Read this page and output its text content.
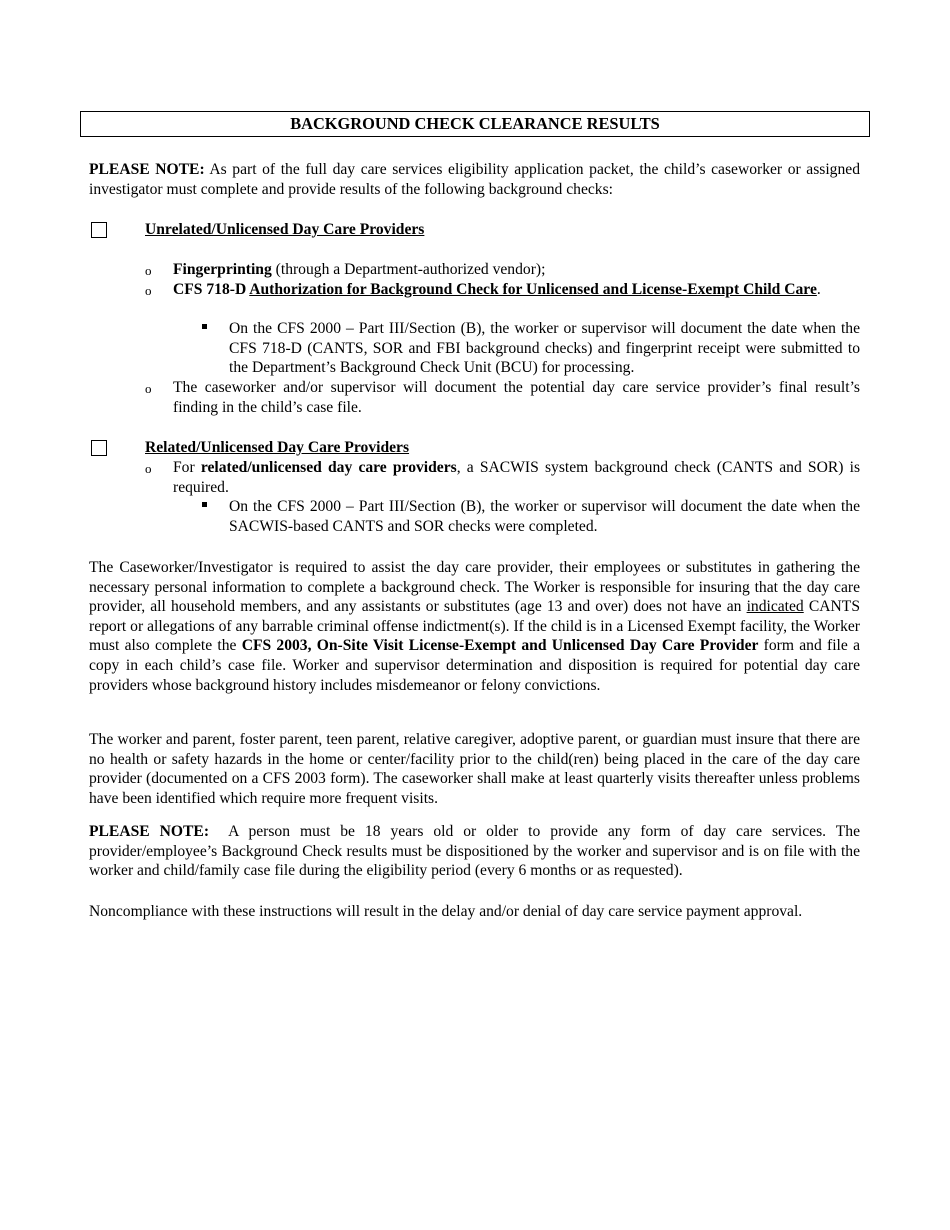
BACKGROUND CHECK CLEARANCE RESULTS

PLEASE NOTE: As part of the full day care services eligibility application packet, the child’s caseworker or assigned investigator must complete and provide results of the following background checks:

Unrelated/Unlicensed Day Care Providers

o Fingerprinting (through a Department-authorized vendor);

o CFS 718-D Authorization for Background Check for Unlicensed and License-Exempt Child Care.

On the CFS 2000 – Part III/Section (B), the worker or supervisor will document the date when the CFS 718-D (CANTS, SOR and FBI background checks) and fingerprint receipt were submitted to the Department’s Background Check Unit (BCU) for processing.

o The caseworker and/or supervisor will document the potential day care service provider’s final result’s finding in the child’s case file.

Related/Unlicensed Day Care Providers

o For related/unlicensed day care providers, a SACWIS system background check (CANTS and SOR) is required.

On the CFS 2000 – Part III/Section (B), the worker or supervisor will document the date when the SACWIS-based CANTS and SOR checks were completed.

The Caseworker/Investigator is required to assist the day care provider, their employees or substitutes in gathering the necessary personal information to complete a background check. The Worker is responsible for insuring that the day care provider, all household members, and any assistants or substitutes (age 13 and over) does not have an indicated CANTS report or allegations of any barrable criminal offense indictment(s). If the child is in a Licensed Exempt facility, the Worker must also complete the CFS 2003, On-Site Visit License-Exempt and Unlicensed Day Care Provider form and file a copy in each child’s case file. Worker and supervisor determination and disposition is required for potential day care providers whose background history includes misdemeanor or felony convictions.

The worker and parent, foster parent, teen parent, relative caregiver, adoptive parent, or guardian must insure that there are no health or safety hazards in the home or center/facility prior to the child(ren) being placed in the care of the day care provider (documented on a CFS 2003 form). The caseworker shall make at least quarterly visits thereafter unless problems have been identified which require more frequent visits.

PLEASE NOTE: A person must be 18 years old or older to provide any form of day care services. The provider/employee’s Background Check results must be dispositioned by the worker and supervisor and is on file with the worker and child/family case file during the eligibility period (every 6 months or as requested).

Noncompliance with these instructions will result in the delay and/or denial of day care service payment approval.
